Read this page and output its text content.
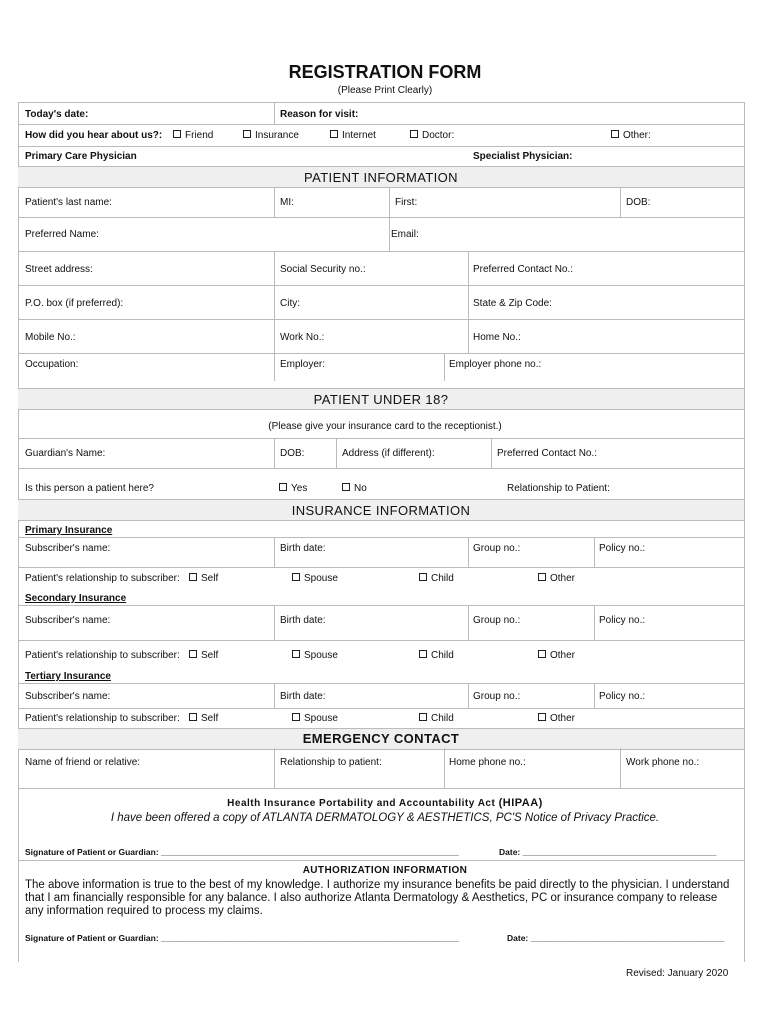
REGISTRATION FORM
(Please Print Clearly)
Today's date:	Reason for visit:
How did you hear about us?:	Friend	Insurance	Internet	Doctor:	Other:
Primary Care Physician	Specialist Physician:
PATIENT INFORMATION
Patient's last name:	MI:	First:	DOB:
Preferred Name:	Email:
Street address:	Social Security no.:	Preferred Contact No.:
P.O. box (if preferred):	City:	State & Zip Code:
Mobile No.:	Work No.:	Home No.:
Occupation:	Employer:	Employer phone no.:
PATIENT UNDER 18?
(Please give your insurance card to the receptionist.)
Guardian's Name:	DOB:	Address (if different):	Preferred Contact No.:
Is this person a patient here?	Yes	No	Relationship to Patient:
INSURANCE INFORMATION
Primary Insurance
Subscriber's name:	Birth date:	Group no.:	Policy no.:
Patient's relationship to subscriber:	Self	Spouse	Child	Other
Secondary Insurance
Subscriber's name:	Birth date:	Group no.:	Policy no.:
Patient's relationship to subscriber:	Self	Spouse	Child	Other
Tertiary Insurance
Subscriber's name:	Birth date:	Group no.:	Policy no.:
Patient's relationship to subscriber:	Self	Spouse	Child	Other
EMERGENCY CONTACT
Name of friend or relative:	Relationship to patient:	Home phone no.:	Work phone no.:
Health Insurance Portability and Accountability Act (HIPAA)
I have been offered a copy of ATLANTA DERMATOLOGY & AESTHETICS, PC'S Notice of Privacy Practice.
Signature of Patient or Guardian: _______________________________________________________________	Date: _________________________________________
AUTHORIZATION INFORMATION
The above information is true to the best of my knowledge. I authorize my insurance benefits be paid directly to the physician. I understand that I am financially responsible for any balance. I also authorize Atlanta Dermatology & Aesthetics, PC or insurance company to release any information required to process my claims.
Signature of Patient or Guardian: _______________________________________________________________	Date: _________________________________________
Revised: January 2020
